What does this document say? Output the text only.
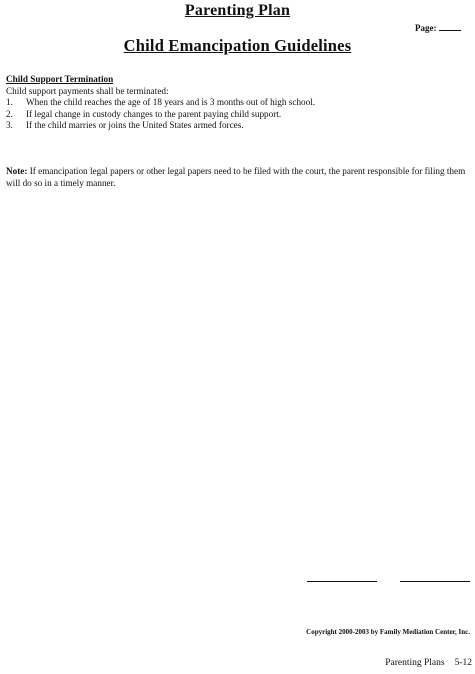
Parenting Plan
Child Emancipation Guidelines
Page:
Child Support Termination
Child support payments shall be terminated:
1.	When the child reaches the age of 18 years and is 3 months out of high school.
2.	If legal change in custody changes to the parent paying child support.
3.	If the child marries or joins the United States armed forces.
Note: If emancipation legal papers or other legal papers need to be filed with the court, the parent responsible for filing them will do so in a timely manner.
Copyright 2000-2003 by Family Mediation Center, Inc.
Parenting Plans 5-12
